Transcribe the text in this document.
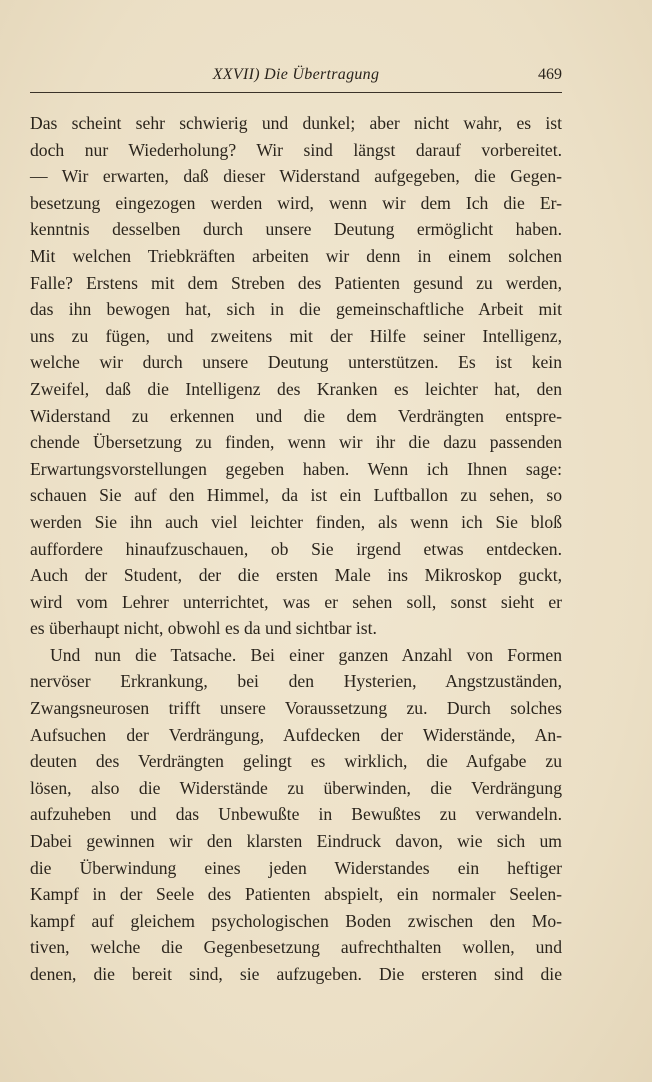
XXVII) Die Übertragung	469
Das scheint sehr schwierig und dunkel; aber nicht wahr, es ist
doch nur Wiederholung? Wir sind längst darauf vorbereitet.
— Wir erwarten, daß dieser Widerstand aufgegeben, die Gegen-
besetzung eingezogen werden wird, wenn wir dem Ich die Er-
kenntnis desselben durch unsere Deutung ermöglicht haben.
Mit welchen Triebkräften arbeiten wir denn in einem solchen
Falle? Erstens mit dem Streben des Patienten gesund zu werden,
das ihn bewogen hat, sich in die gemeinschaftliche Arbeit mit
uns zu fügen, und zweitens mit der Hilfe seiner Intelligenz,
welche wir durch unsere Deutung unterstützen. Es ist kein
Zweifel, daß die Intelligenz des Kranken es leichter hat, den
Widerstand zu erkennen und die dem Verdrängten entspre-
chende Übersetzung zu finden, wenn wir ihr die dazu passenden
Erwartungsvorstellungen gegeben haben. Wenn ich Ihnen sage:
schauen Sie auf den Himmel, da ist ein Luftballon zu sehen, so
werden Sie ihn auch viel leichter finden, als wenn ich Sie bloß
auffordere hinaufzuschauen, ob Sie irgend etwas entdecken.
Auch der Student, der die ersten Male ins Mikroskop guckt,
wird vom Lehrer unterrichtet, was er sehen soll, sonst sieht er
es überhaupt nicht, obwohl es da und sichtbar ist.
Und nun die Tatsache. Bei einer ganzen Anzahl von Formen
nervöser Erkrankung, bei den Hysterien, Angstzuständen,
Zwangsneurosen trifft unsere Voraussetzung zu. Durch solches
Aufsuchen der Verdrängung, Aufdecken der Widerstände, An-
deuten des Verdrängten gelingt es wirklich, die Aufgabe zu
lösen, also die Widerstände zu überwinden, die Verdrängung
aufzuheben und das Unbewußte in Bewußtes zu verwandeln.
Dabei gewinnen wir den klarsten Eindruck davon, wie sich um
die Überwindung eines jeden Widerstandes ein heftiger
Kampf in der Seele des Patienten abspielt, ein normaler Seelen-
kampf auf gleichem psychologischen Boden zwischen den Mo-
tiven, welche die Gegenbesetzung aufrechthalten wollen, und
denen, die bereit sind, sie aufzugeben. Die ersteren sind die
